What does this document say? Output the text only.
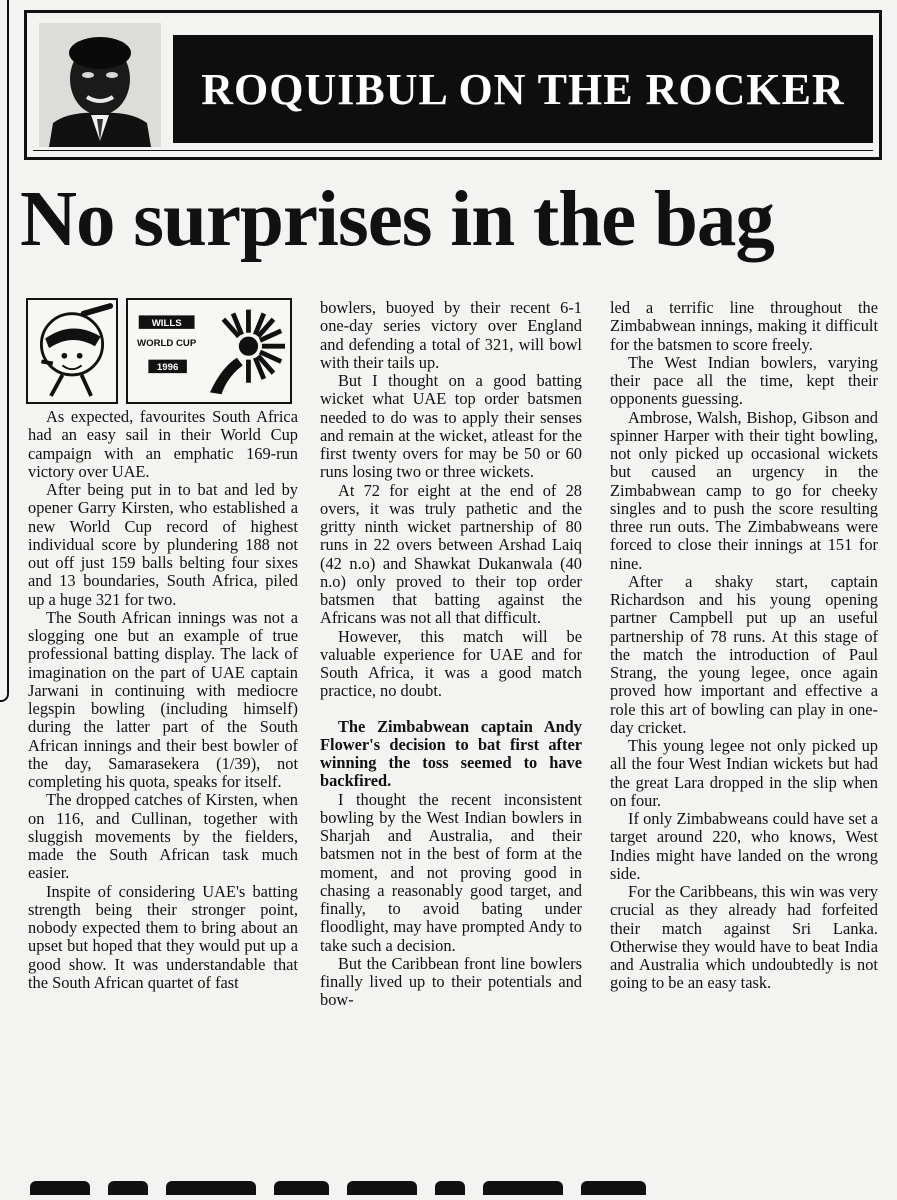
ROQUIBUL ON THE ROCKER
No surprises in the bag
WILLS
WORLD CUP
1996

As expected, favourites South Africa had an easy sail in their World Cup campaign with an emphatic 169-run victory over UAE.

After being put in to bat and led by opener Garry Kirsten, who established a new World Cup record of highest individual score by plundering 188 not out off just 159 balls belting four sixes and 13 boundaries, South Africa, piled up a huge 321 for two.

The South African innings was not a slogging one but an example of true professional batting display. The lack of imagination on the part of UAE captain Jarwani in continuing with mediocre legspin bowling (including himself) during the latter part of the South African innings and their best bowler of the day, Samarasekera (1/39), not completing his quota, speaks for itself.

The dropped catches of Kirsten, when on 116, and Cullinan, together with sluggish movements by the fielders, made the South African task much easier.

Inspite of considering UAE's batting strength being their stronger point, nobody expected them to bring about an upset but hoped that they would put up a good show. It was understandable that the South African quartet of fast

bowlers, buoyed by their recent 6-1 one-day series victory over England and defending a total of 321, will bowl with their tails up.

But I thought on a good batting wicket what UAE top order batsmen needed to do was to apply their senses and remain at the wicket, atleast for the first twenty overs for may be 50 or 60 runs losing two or three wickets.

At 72 for eight at the end of 28 overs, it was truly pathetic and the gritty ninth wicket partnership of 80 runs in 22 overs between Arshad Laiq (42 n.o) and Shawkat Dukanwala (40 n.o) only proved to their top order batsmen that batting against the Africans was not all that difficult.

However, this match will be valuable experience for UAE and for South Africa, it was a good match practice, no doubt.

The Zimbabwean captain Andy Flower's decision to bat first after winning the toss seemed to have backfired.

I thought the recent inconsistent bowling by the West Indian bowlers in Sharjah and Australia, and their batsmen not in the best of form at the moment, and not proving good in chasing a reasonably good target, and finally, to avoid bating under floodlight, may have prompted Andy to take such a decision.

But the Caribbean front line bowlers finally lived up to their potentials and bow-

led a terrific line throughout the Zimbabwean innings, making it difficult for the batsmen to score freely.

The West Indian bowlers, varying their pace all the time, kept their opponents guessing.

Ambrose, Walsh, Bishop, Gibson and spinner Harper with their tight bowling, not only picked up occasional wickets but caused an urgency in the Zimbabwean camp to go for cheeky singles and to push the score resulting three run outs. The Zimbabweans were forced to close their innings at 151 for nine.

After a shaky start, captain Richardson and his young opening partner Campbell put up an useful partnership of 78 runs. At this stage of the match the introduction of Paul Strang, the young legee, once again proved how important and effective a role this art of bowling can play in one-day cricket.

This young legee not only picked up all the four West Indian wickets but had the great Lara dropped in the slip when on four.

If only Zimbabweans could have set a target around 220, who knows, West Indies might have landed on the wrong side.

For the Caribbeans, this win was very crucial as they already had forfeited their match against Sri Lanka. Otherwise they would have to beat India and Australia which undoubtedly is not going to be an easy task.
